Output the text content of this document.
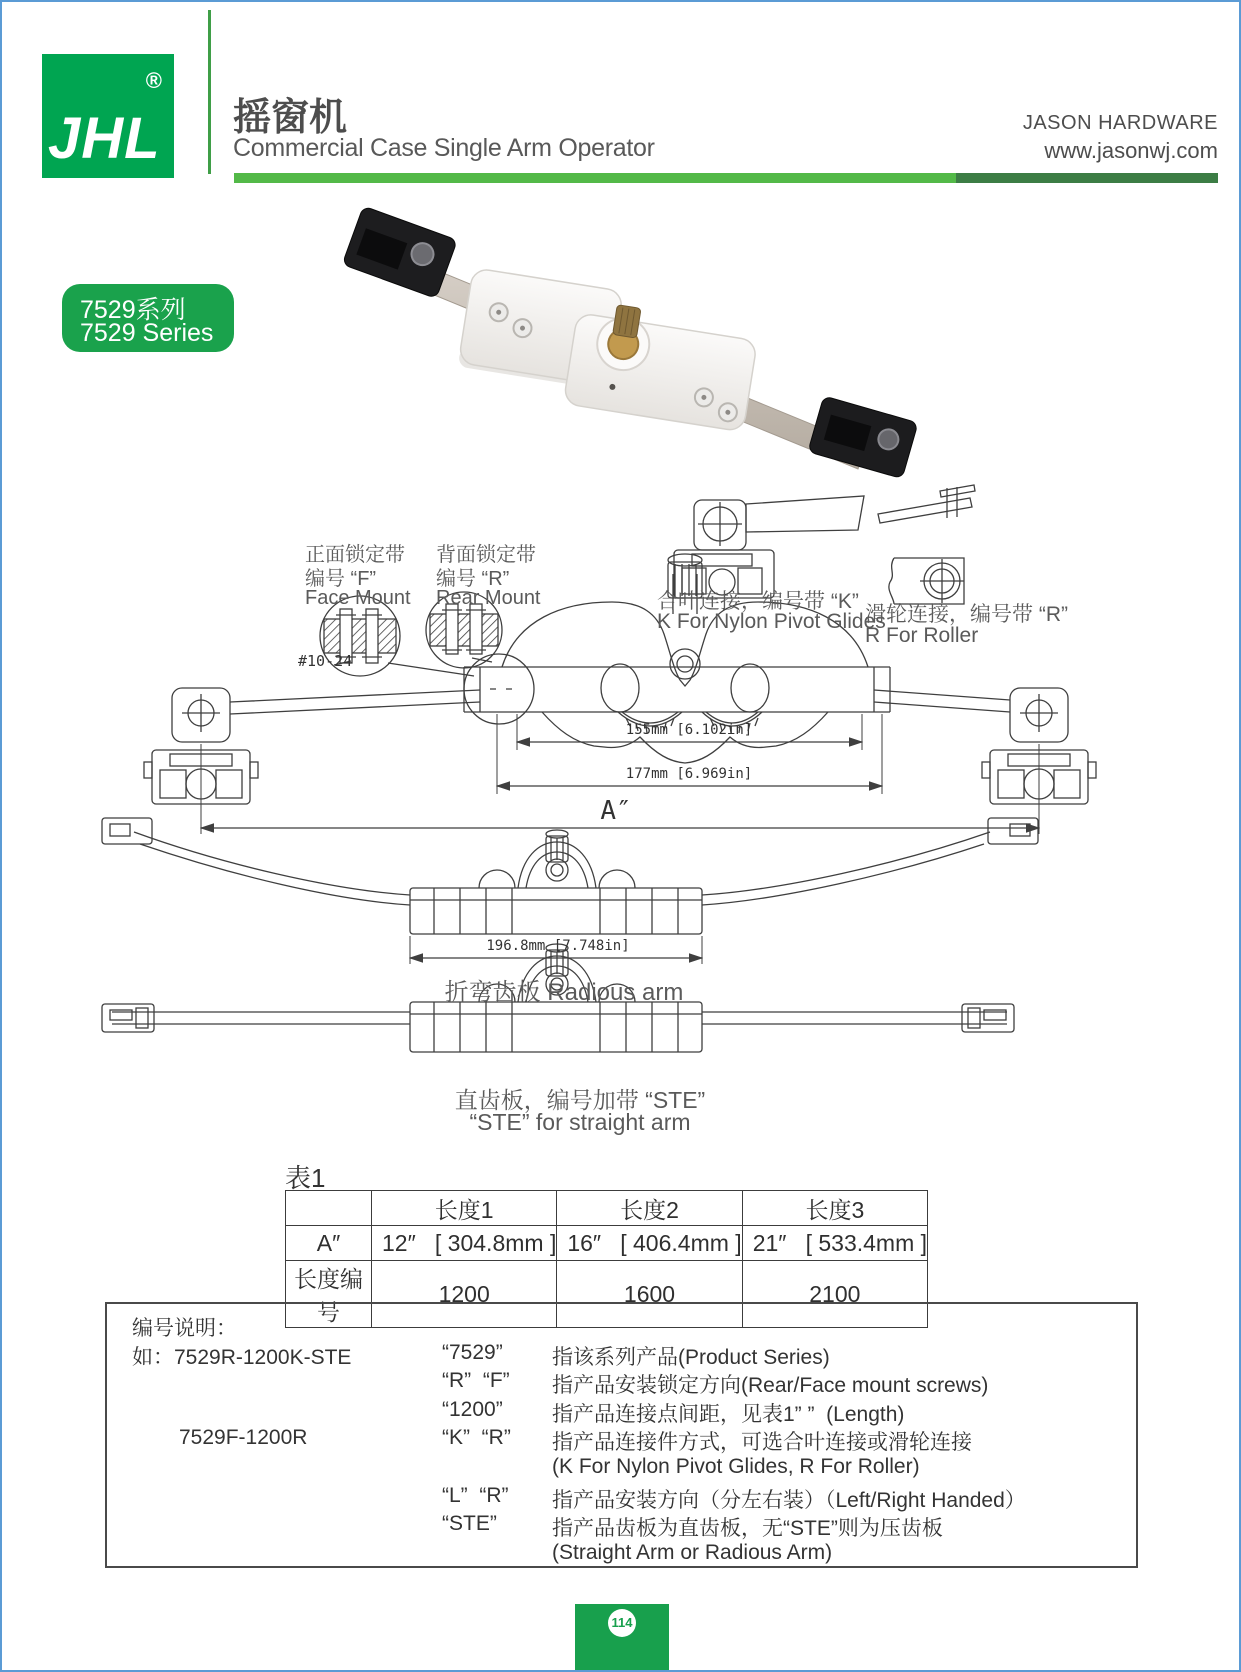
®
JHL 摇窗机
Commercial Case Single Arm Operator
JASON HARDWARE
www.jasonwj.com
7529系列
7529 Series
正面锁定带
编号 “F”
Face Mount
背面锁定带
编号 “R”
Rear Mount
#10-24
合叶连接，编号带 “K”
K For Nylon Pivot Glides
滑轮连接，编号带 “R”
R For Roller
155mm [6.102in]
177mm [6.969in]
A″
196.8mm [7.748in]
折弯齿板 Radious arm
直齿板，编号加带 “STE”
“STE” for straight arm
表1
	长度1	长度2	长度3
A″	12″   [ 304.8mm ]	16″   [ 406.4mm ]	21″   [ 533.4mm ]
长度编号	1200	1600	2100
编号说明：
如：7529R-1200K-STE
7529F-1200R
“7529” 指该系列产品(Product Series)
“R”  “F” 指产品安装锁定方向(Rear/Face mount screws)
“1200” 指产品连接点间距，见表1” ”  (Length)
“K”  “R” 指产品连接件方式，可选合叶连接或滑轮连接
(K For Nylon Pivot Glides, R For Roller)
“L”  “R” 指产品安装方向（分左右装）（Left/Right Handed）
“STE”	指产品齿板为直齿板，无“STE”则为压齿板
(Straight Arm or Radious Arm)
114
